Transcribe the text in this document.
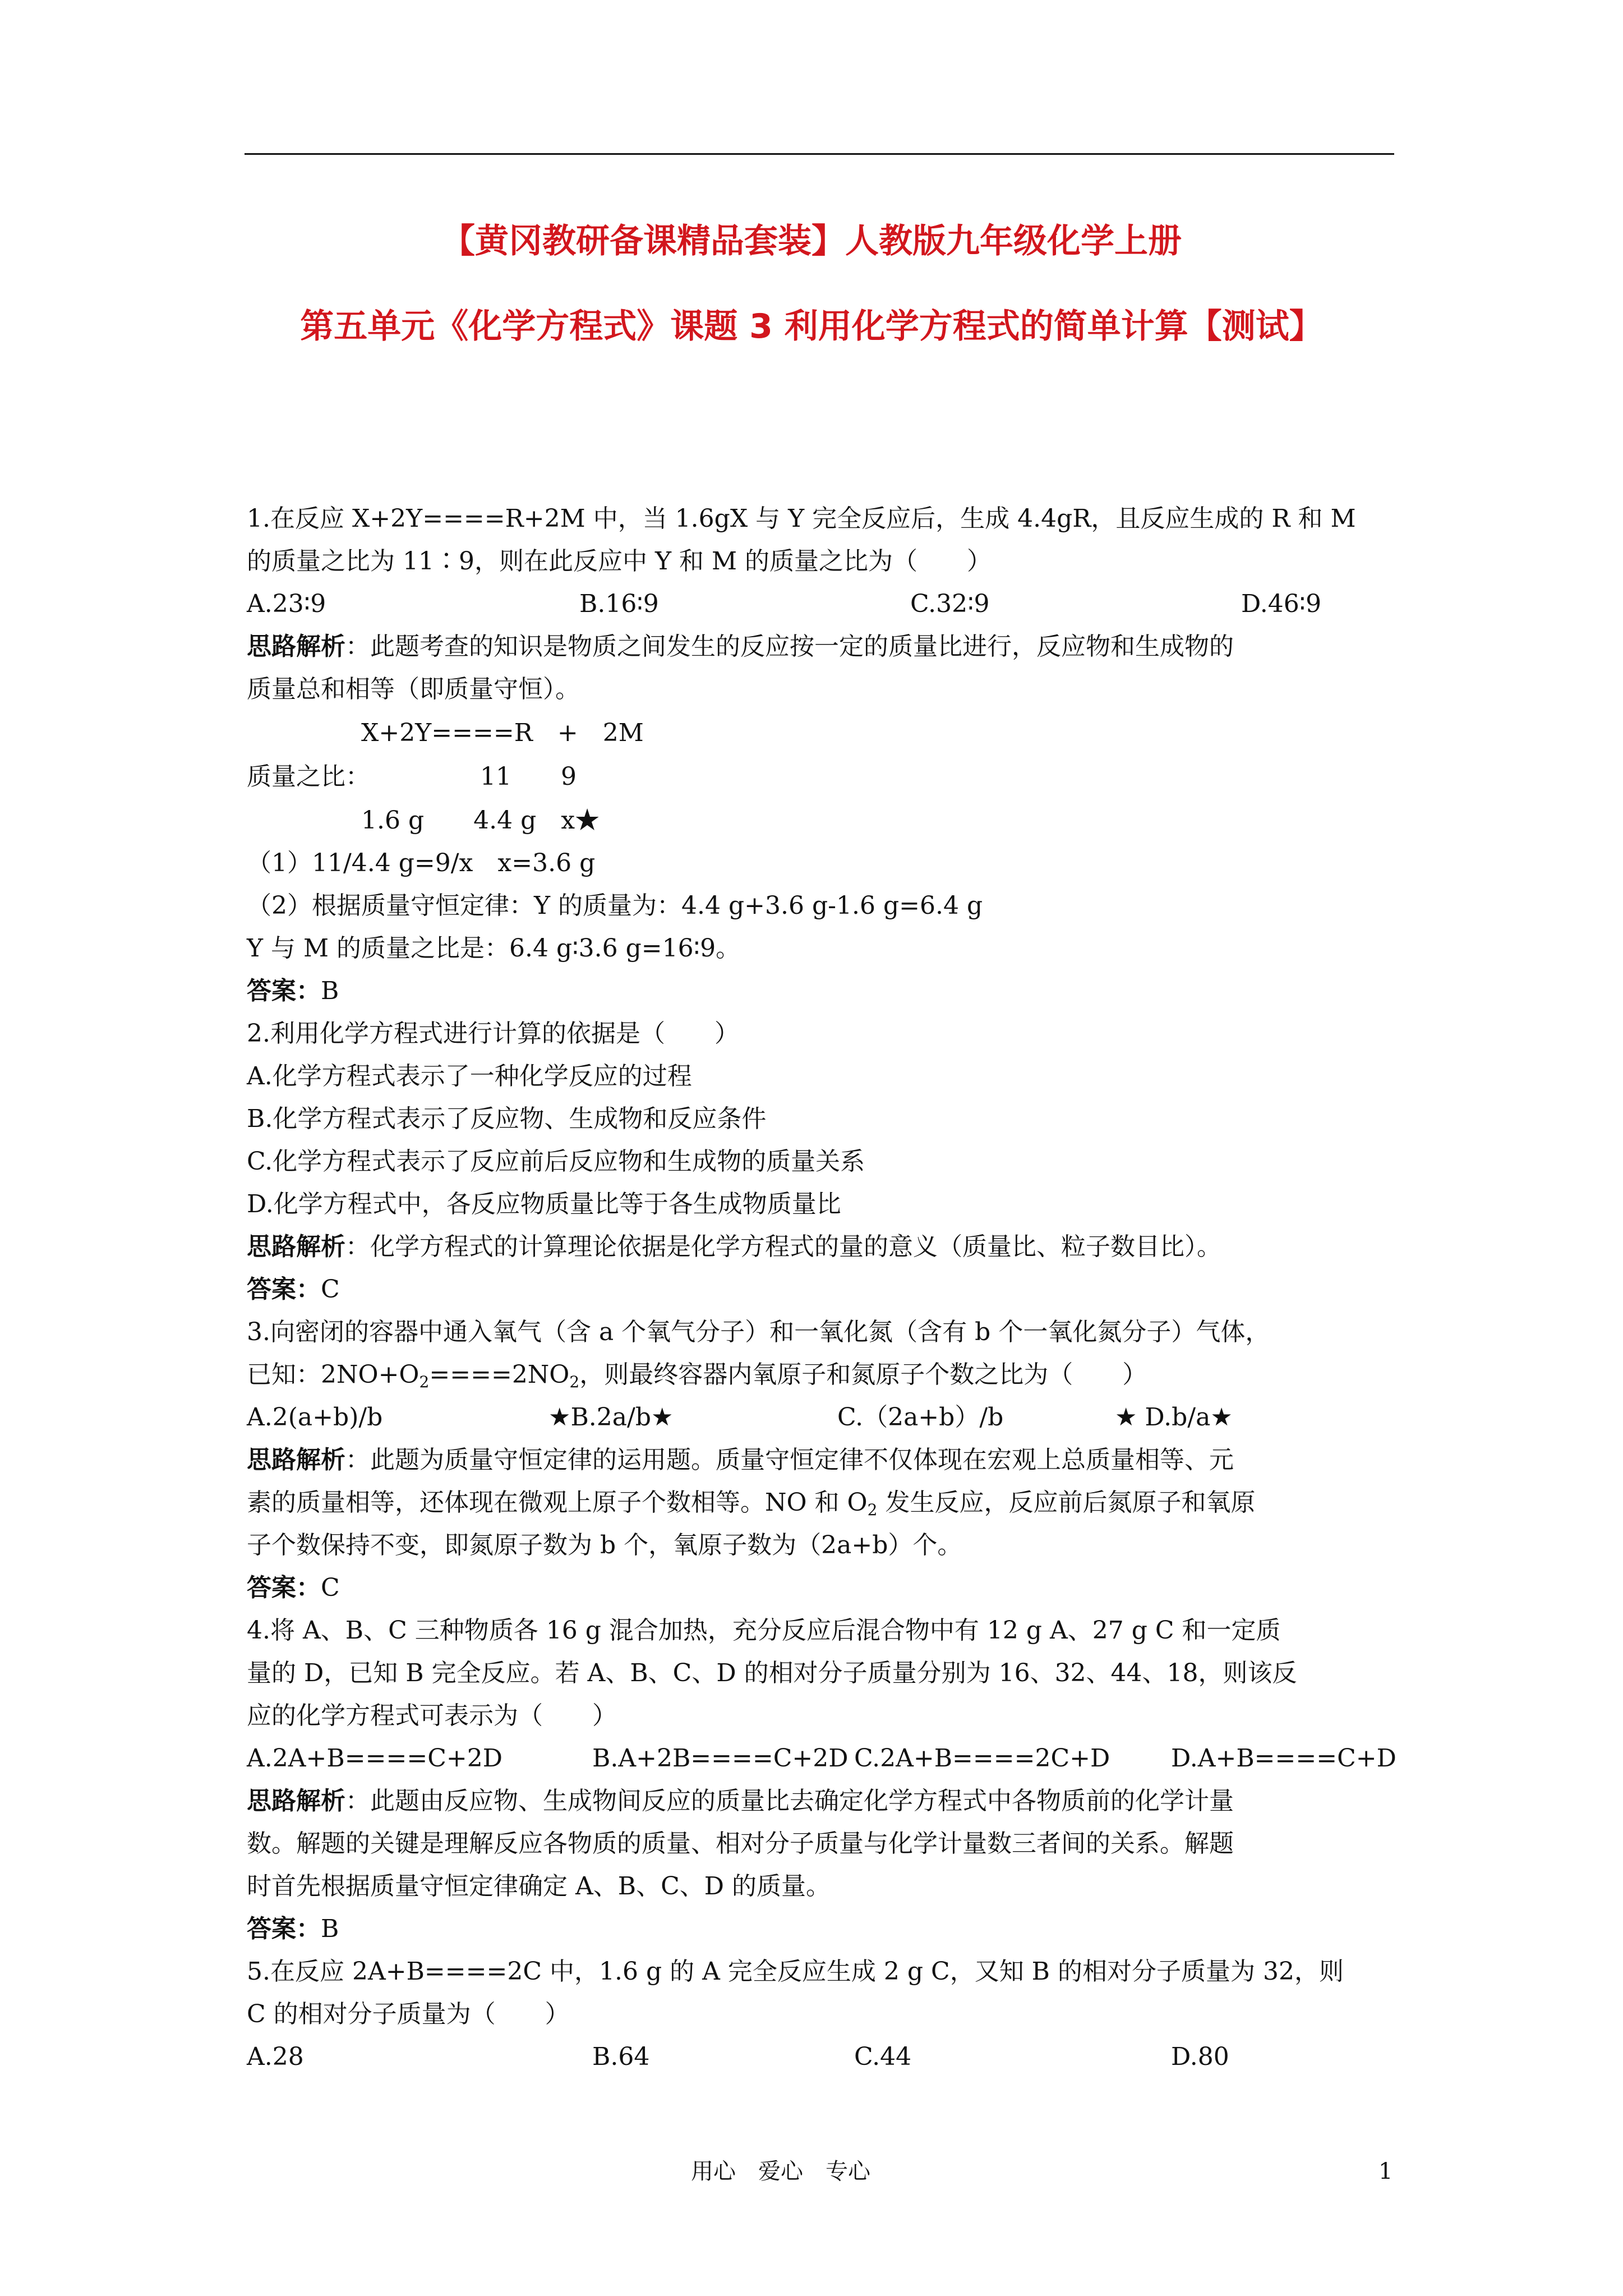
【黄冈教研备课精品套装】人教版九年级化学上册
第五单元《化学方程式》课题 3 利用化学方程式的简单计算【测试】
1.在反应 X+2Y====R+2M 中，当 1.6gX 与 Y 完全反应后，生成 4.4gR，且反应生成的 R 和 M
的质量之比为 11∶9，则在此反应中 Y 和 M 的质量之比为（　　）
A.23∶9	B.16∶9	C.32∶9	D.46∶9
思路解析：此题考查的知识是物质之间发生的反应按一定的质量比进行，反应物和生成物的
质量总和相等（即质量守恒）。
X+2Y====R　+　2M
质量之比：	11　　9
1.6 g　　4.4 g　x★
（1）11/4.4 g=9/x　x=3.6 g
（2）根据质量守恒定律：Y 的质量为：4.4 g+3.6 g-1.6 g=6.4 g
Y 与 M 的质量之比是：6.4 g∶3.6 g=16∶9。
答案：B
2.利用化学方程式进行计算的依据是（　　）
A.化学方程式表示了一种化学反应的过程
B.化学方程式表示了反应物、生成物和反应条件
C.化学方程式表示了反应前后反应物和生成物的质量关系
D.化学方程式中，各反应物质量比等于各生成物质量比
思路解析：化学方程式的计算理论依据是化学方程式的量的意义（质量比、粒子数目比）。
答案：C
3.向密闭的容器中通入氧气（含 a 个氧气分子）和一氧化氮（含有 b 个一氧化氮分子）气体，
已知：$2NO+O_2====2NO_2$，则最终容器内氧原子和氮原子个数之比为（　　）
A.2(a+b)/b	★B.2a/b★	C.（2a+b）/b	★ D.b/a★
思路解析：此题为质量守恒定律的运用题。质量守恒定律不仅体现在宏观上总质量相等、元
素的质量相等，还体现在微观上原子个数相等。NO 和 $O_2$ 发生反应，反应前后氮原子和氧原
子个数保持不变，即氮原子数为 b 个，氧原子数为（2a+b）个。
答案：C
4.将 A、B、C 三种物质各 16 g 混合加热，充分反应后混合物中有 12 g A、27 g C 和一定质
量的 D，已知 B 完全反应。若 A、B、C、D 的相对分子质量分别为 16、32、44、18，则该反
应的化学方程式可表示为（　　）
A.2A+B====C+2D	B.A+2B====C+2D C.2A+B====2C+D D.A+B====C+D
思路解析：此题由反应物、生成物间反应的质量比去确定化学方程式中各物质前的化学计量
数。解题的关键是理解反应各物质的质量、相对分子质量与化学计量数三者间的关系。解题
时首先根据质量守恒定律确定 A、B、C、D 的质量。
答案：B
5.在反应 2A+B====2C 中，1.6 g 的 A 完全反应生成 2 g C，又知 B 的相对分子质量为 32，则
C 的相对分子质量为（　　）
A.28	B.64	C.44	D.80
用心　爱心　专心	1
